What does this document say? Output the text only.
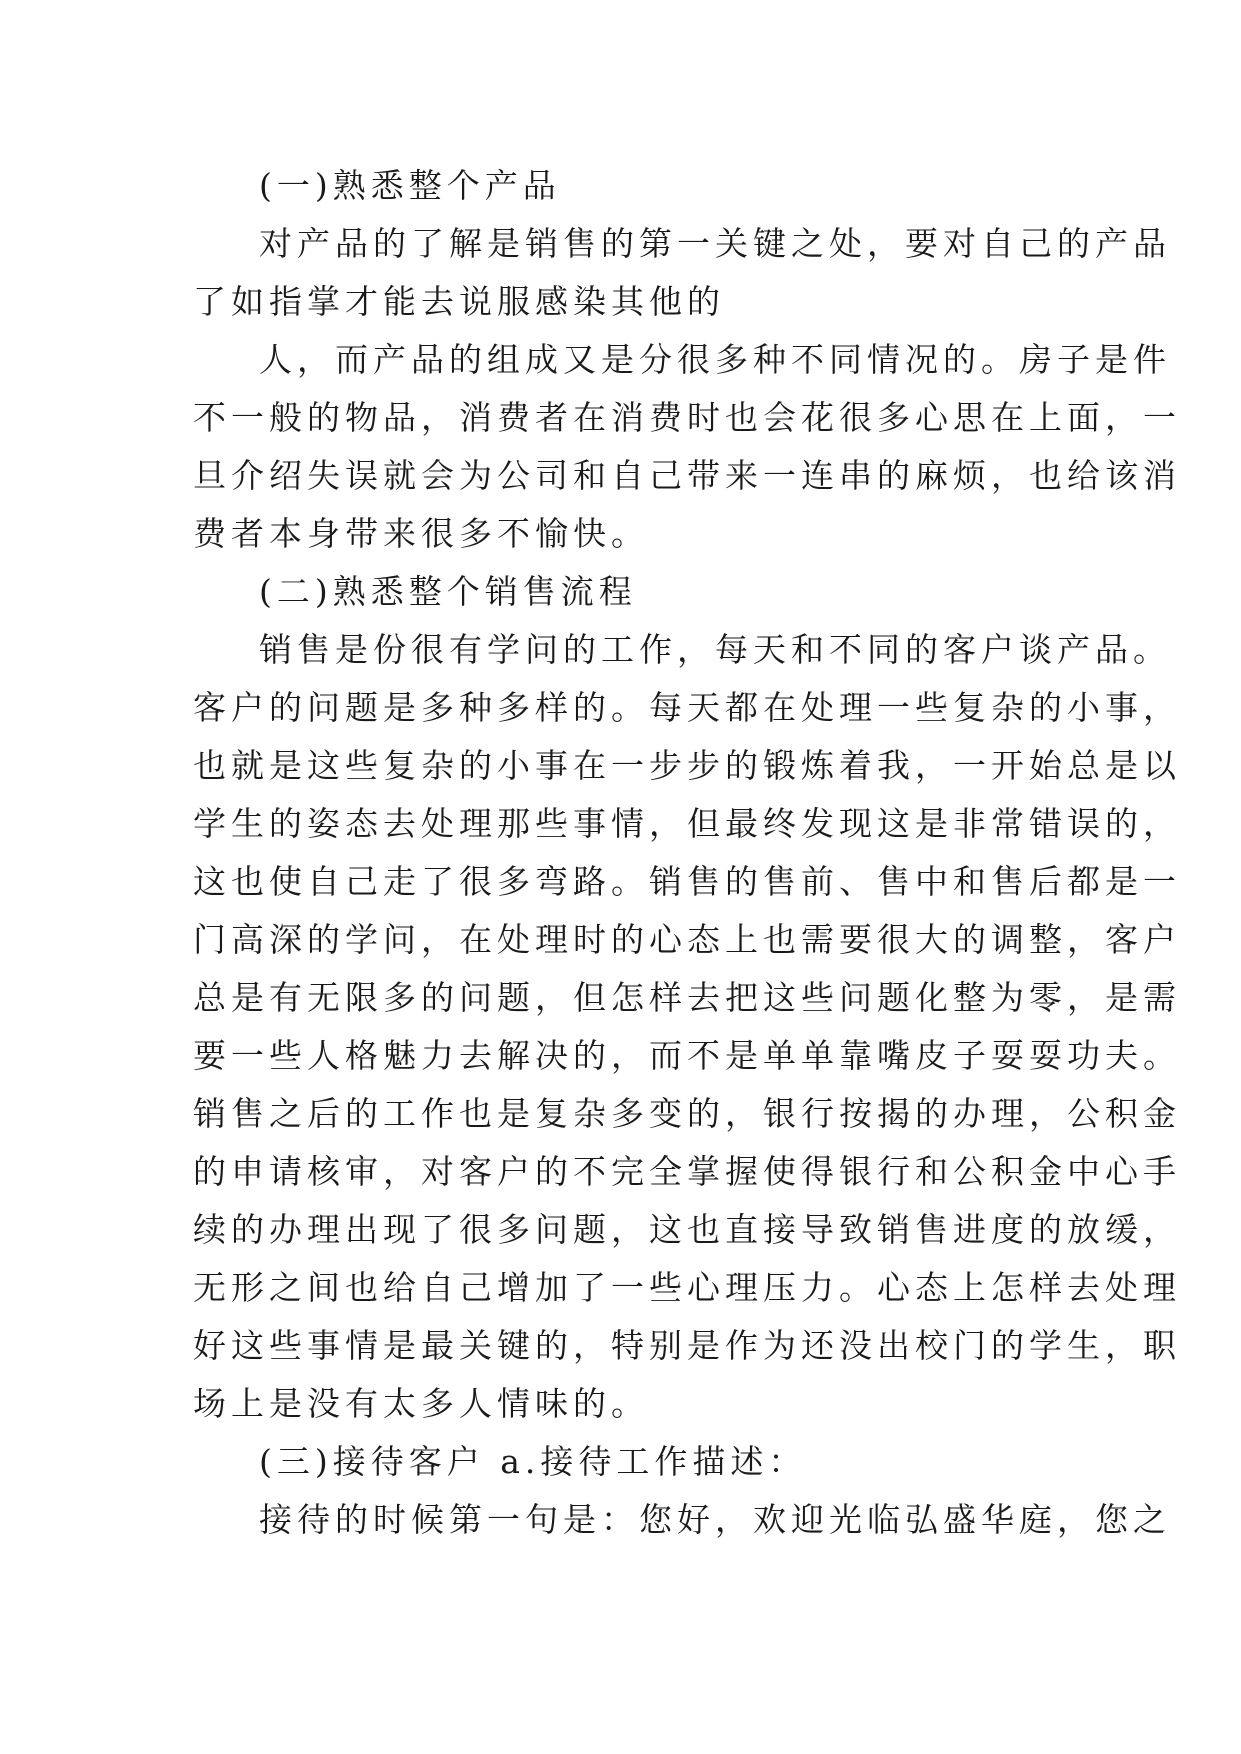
(一)熟悉整个产品
对产品的了解是销售的第一关键之处，要对自己的产品
了如指掌才能去说服感染其他的
人，而产品的组成又是分很多种不同情况的。房子是件
不一般的物品，消费者在消费时也会花很多心思在上面，一
旦介绍失误就会为公司和自己带来一连串的麻烦，也给该消
费者本身带来很多不愉快。
(二)熟悉整个销售流程
销售是份很有学问的工作，每天和不同的客户谈产品。
客户的问题是多种多样的。每天都在处理一些复杂的小事，
也就是这些复杂的小事在一步步的锻炼着我，一开始总是以
学生的姿态去处理那些事情，但最终发现这是非常错误的，
这也使自己走了很多弯路。销售的售前、售中和售后都是一
门高深的学问，在处理时的心态上也需要很大的调整，客户
总是有无限多的问题，但怎样去把这些问题化整为零，是需
要一些人格魅力去解决的，而不是单单靠嘴皮子耍耍功夫。
销售之后的工作也是复杂多变的，银行按揭的办理，公积金
的申请核审，对客户的不完全掌握使得银行和公积金中心手
续的办理出现了很多问题，这也直接导致销售进度的放缓，
无形之间也给自己增加了一些心理压力。心态上怎样去处理
好这些事情是最关键的，特别是作为还没出校门的学生，职
场上是没有太多人情味的。
(三)接待客户 a.接待工作描述：
接待的时候第一句是：您好，欢迎光临弘盛华庭，您之
